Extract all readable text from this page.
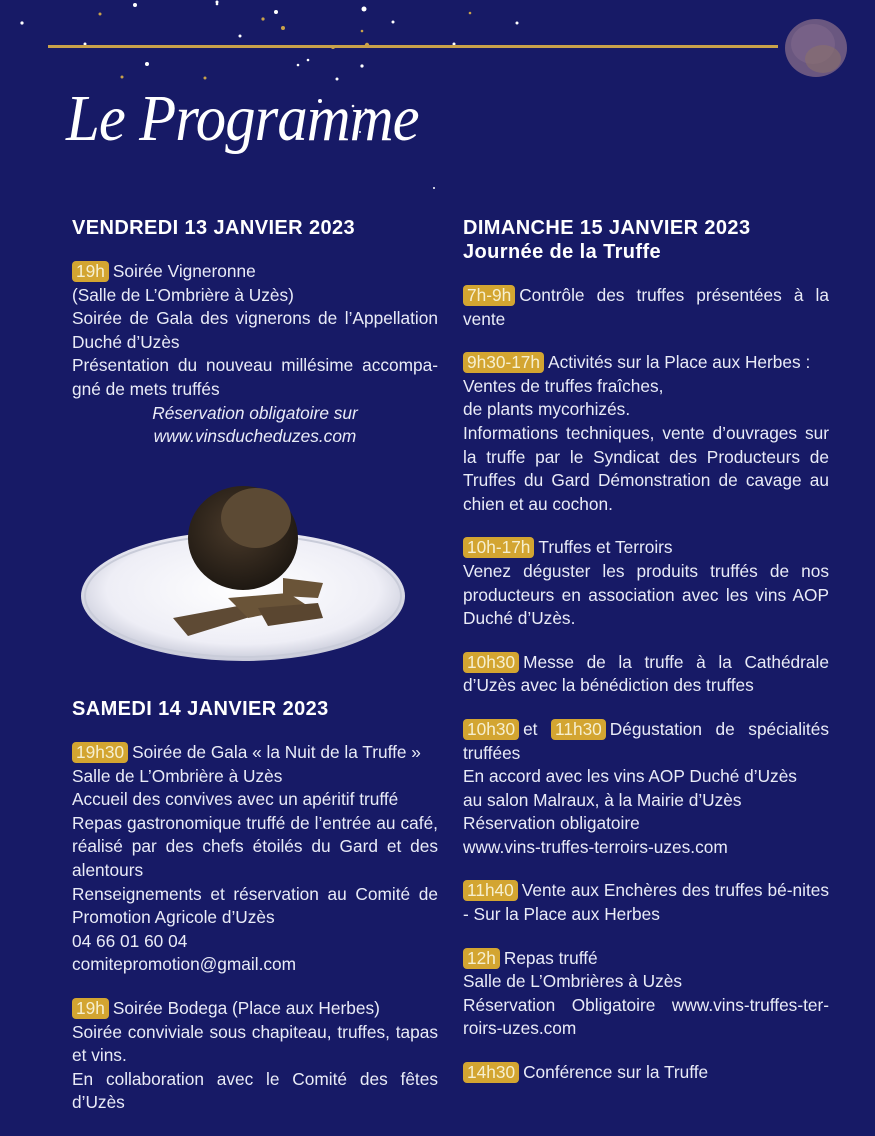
Le Programme
VENDREDI 13 JANVIER 2023

19h Soirée Vigneronne

(Salle de L’Ombrière à Uzès)

Soirée de Gala des vignerons de l’Appellation Duché d’Uzès

Présentation du nouveau millésime accompa-gné de mets truffés

Réservation obligatoire sur

www.vinsducheduzes.com

SAMEDI 14 JANVIER 2023

19h30 Soirée de Gala « la Nuit de la Truffe »

Salle de L’Ombrière à Uzès

Accueil des convives avec un apéritif truffé

Repas gastronomique truffé de l’entrée au café, réalisé par des chefs étoilés du Gard et des alentours

Renseignements et réservation au Comité de Promotion Agricole d’Uzès

04 66 01 60 04

comitepromotion@gmail.com

19h Soirée Bodega (Place aux Herbes)

Soirée conviviale sous chapiteau, truffes, tapas et vins.

En collaboration avec le Comité des fêtes d’Uzès

DIMANCHE 15 JANVIER 2023
Journée de la Truffe

7h-9h Contrôle des truffes présentées à la vente

9h30-17h Activités sur la Place aux Herbes :

Ventes de truffes fraîches,

de plants mycorhizés.

Informations techniques, vente d’ouvrages sur la truffe par le Syndicat des Producteurs de Truffes du Gard Démonstration de cavage au chien et au cochon.

10h-17h Truffes et Terroirs

Venez déguster les produits truffés de nos producteurs en association avec les vins AOP Duché d’Uzès.

10h30 Messe de la truffe à la Cathédrale d’Uzès avec la bénédiction des truffes

10h30 et 11h30 Dégustation de spécialités truffées

En accord avec les vins AOP Duché d’Uzès

au salon Malraux, à la Mairie d’Uzès

Réservation obligatoire

www.vins-truffes-terroirs-uzes.com

11h40 Vente aux Enchères des truffes bé-nites - Sur la Place aux Herbes

12h Repas truffé

Salle de L’Ombrières à Uzès

Réservation Obligatoire www.vins-truffes-ter-roirs-uzes.com

14h30 Conférence sur la Truffe
